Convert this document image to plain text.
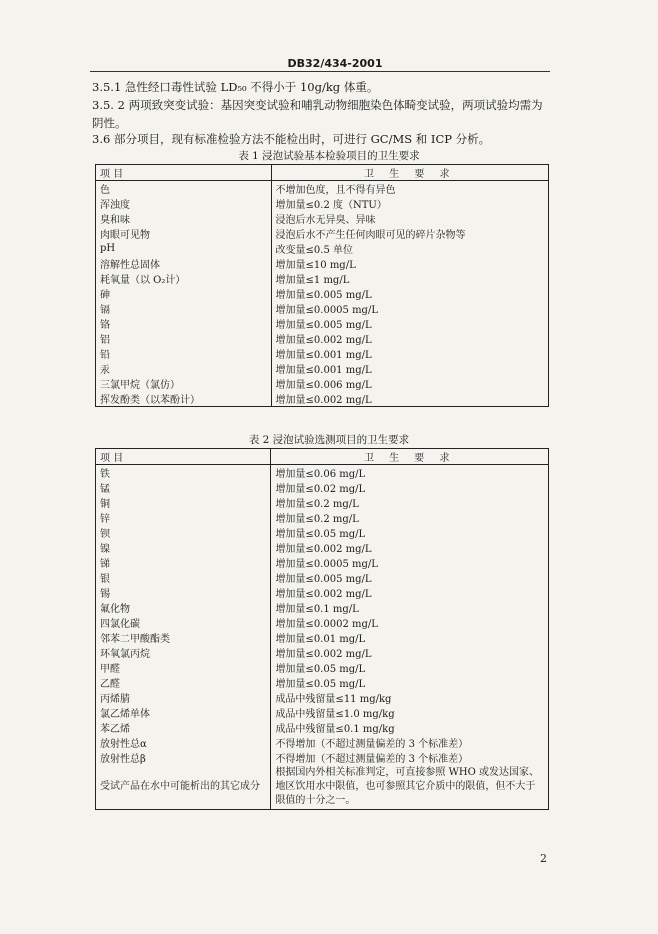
DB32/434-2001
3.5.1 急性经口毒性试验 LD₅₀ 不得小于 10g/kg 体重。
3.5. 2 两项致突变试验：基因突变试验和哺乳动物细胞染色体畸变试验，两项试验均需为阴性。
3.6 部分项目，现有标准检验方法不能检出时，可进行 GC/MS 和 ICP 分析。
表 1 浸泡试验基本检验项目的卫生要求
项 目	卫 生 要 求
色	不增加色度，且不得有异色
浑浊度	增加量≤0.2 度（NTU）
臭和味	浸泡后水无异臭、异味
肉眼可见物	浸泡后水不产生任何肉眼可见的碎片杂物等
pH	改变量≤0.5 单位
溶解性总固体	增加量≤10 mg/L
耗氧量（以 O₂计）	增加量≤1 mg/L
砷	增加量≤0.005 mg/L
镉	增加量≤0.0005 mg/L
铬	增加量≤0.005 mg/L
铝	增加量≤0.002 mg/L
铅	增加量≤0.001 mg/L
汞	增加量≤0.001 mg/L
三氯甲烷（氯仿）	增加量≤0.006 mg/L
挥发酚类（以苯酚计）	增加量≤0.002 mg/L
表 2 浸泡试验选测项目的卫生要求
项 目	卫 生 要 求
铁	增加量≤0.06 mg/L
锰	增加量≤0.02 mg/L
铜	增加量≤0.2 mg/L
锌	增加量≤0.2 mg/L
钡	增加量≤0.05 mg/L
镍	增加量≤0.002 mg/L
锑	增加量≤0.0005 mg/L
银	增加量≤0.005 mg/L
锡	增加量≤0.002 mg/L
氟化物	增加量≤0.1 mg/L
四氯化碳	增加量≤0.0002 mg/L
邻苯二甲酸酯类	增加量≤0.01 mg/L
环氧氯丙烷	增加量≤0.002 mg/L
甲醛	增加量≤0.05 mg/L
乙醛	增加量≤0.05 mg/L
丙烯腈	成品中残留量≤11 mg/kg
氯乙烯单体	成品中残留量≤1.0 mg/kg
苯乙烯	成品中残留量≤0.1 mg/kg
放射性总α	不得增加（不超过测量偏差的 3 个标准差）
放射性总β	不得增加（不超过测量偏差的 3 个标准差）
受试产品在水中可能析出的其它成分	根据国内外相关标准判定，可直接参照 WHO 或发达国家、地区饮用水中限值，也可参照其它介质中的限值，但不大于限值的十分之一。
2
